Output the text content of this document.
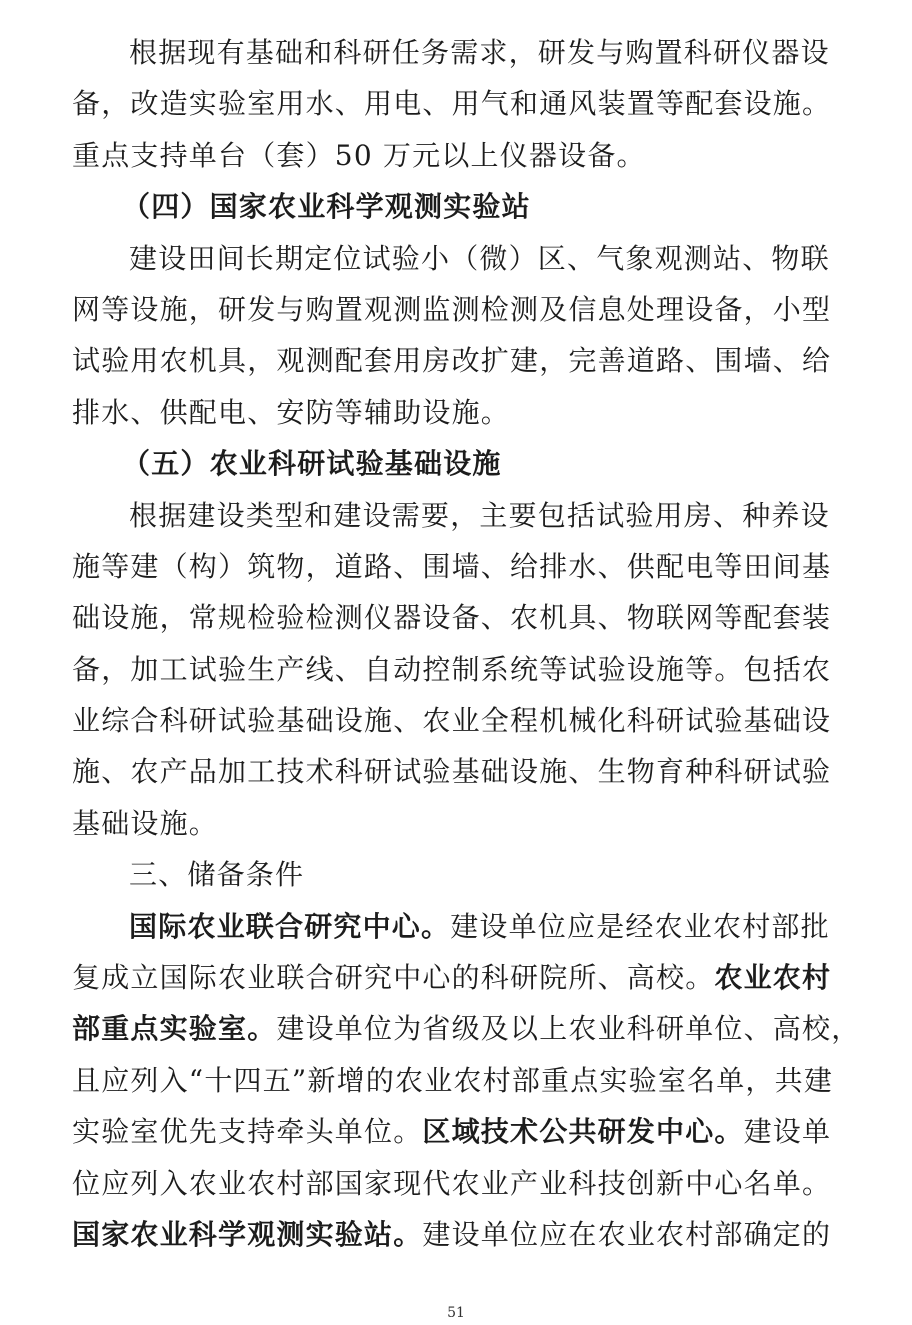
根据现有基础和科研任务需求，研发与购置科研仪器设
备，改造实验室用水、用电、用气和通风装置等配套设施。
重点支持单台（套）50 万元以上仪器设备。
（四）国家农业科学观测实验站
建设田间长期定位试验小（微）区、气象观测站、物联
网等设施，研发与购置观测监测检测及信息处理设备，小型
试验用农机具，观测配套用房改扩建，完善道路、围墙、给
排水、供配电、安防等辅助设施。
（五）农业科研试验基础设施
根据建设类型和建设需要，主要包括试验用房、种养设
施等建（构）筑物，道路、围墙、给排水、供配电等田间基
础设施，常规检验检测仪器设备、农机具、物联网等配套装
备，加工试验生产线、自动控制系统等试验设施等。包括农
业综合科研试验基础设施、农业全程机械化科研试验基础设
施、农产品加工技术科研试验基础设施、生物育种科研试验
基础设施。
三、储备条件
国际农业联合研究中心。建设单位应是经农业农村部批
复成立国际农业联合研究中心的科研院所、高校。农业农村
部重点实验室。建设单位为省级及以上农业科研单位、高校，
且应列入“十四五”新增的农业农村部重点实验室名单，共建
实验室优先支持牵头单位。区域技术公共研发中心。建设单
位应列入农业农村部国家现代农业产业科技创新中心名单。
国家农业科学观测实验站。建设单位应在农业农村部确定的
51
